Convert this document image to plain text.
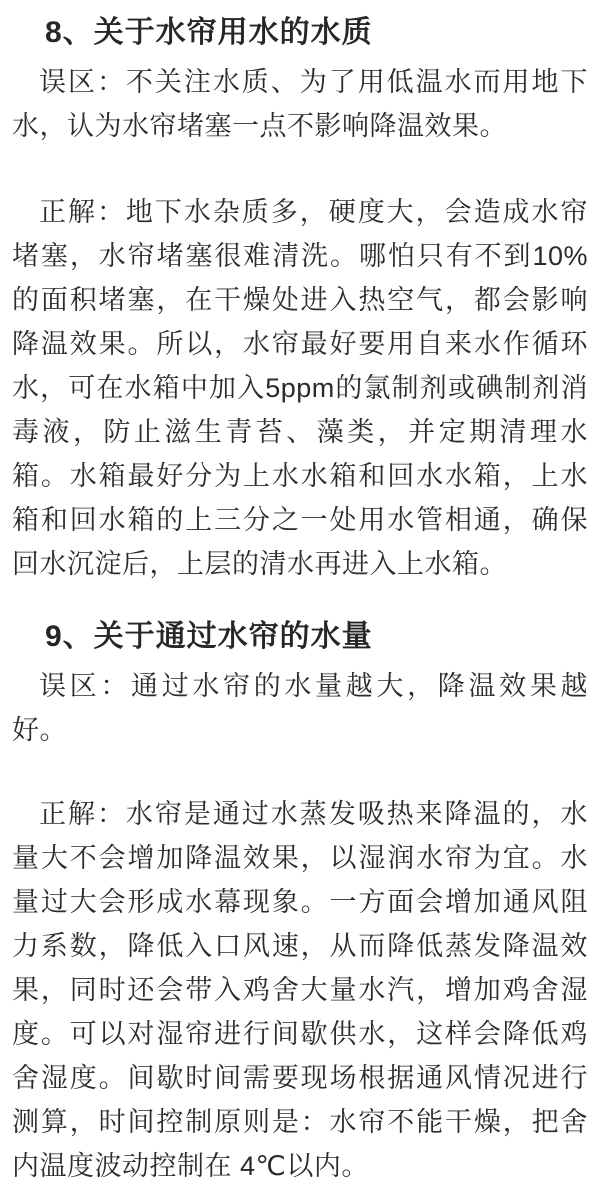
8、关于水帘用水的水质

误区：不关注水质、为了用低温水而用地下水，认为水帘堵塞一点不影响降温效果。

正解：地下水杂质多，硬度大，会造成水帘堵塞，水帘堵塞很难清洗。哪怕只有不到10%的面积堵塞，在干燥处进入热空气，都会影响降温效果。所以，水帘最好要用自来水作循环水，可在水箱中加入5ppm的氯制剂或碘制剂消毒液，防止滋生青苔、藻类，并定期清理水箱。水箱最好分为上水水箱和回水水箱，上水箱和回水箱的上三分之一处用水管相通，确保回水沉淀后，上层的清水再进入上水箱。

9、关于通过水帘的水量

误区：通过水帘的水量越大，降温效果越好。

正解：水帘是通过水蒸发吸热来降温的，水量大不会增加降温效果，以湿润水帘为宜。水量过大会形成水幕现象。一方面会增加通风阻力系数，降低入口风速，从而降低蒸发降温效果，同时还会带入鸡舍大量水汽，增加鸡舍湿度。可以对湿帘进行间歇供水，这样会降低鸡舍湿度。间歇时间需要现场根据通风情况进行测算，时间控制原则是：水帘不能干燥，把舍内温度波动控制在 4℃以内。
